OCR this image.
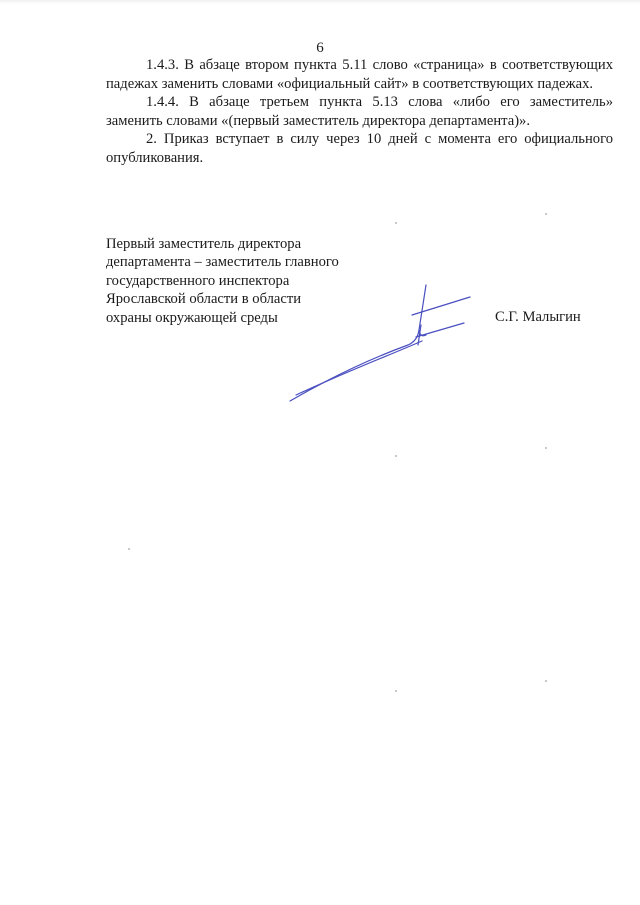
6

1.4.3. В абзаце втором пункта 5.11 слово «страница» в соответствующих падежах заменить словами «официальный сайт» в соответствующих падежах.

1.4.4. В абзаце третьем пункта 5.13 слова «либо его заместитель» заменить словами «(первый заместитель директора департамента)».

2. Приказ вступает в силу через 10 дней с момента его официального опубликования.

Первый заместитель директора
департамента – заместитель главного
государственного инспектора
Ярославской области в области
охраны окружающей среды	С.Г. Малыгин
